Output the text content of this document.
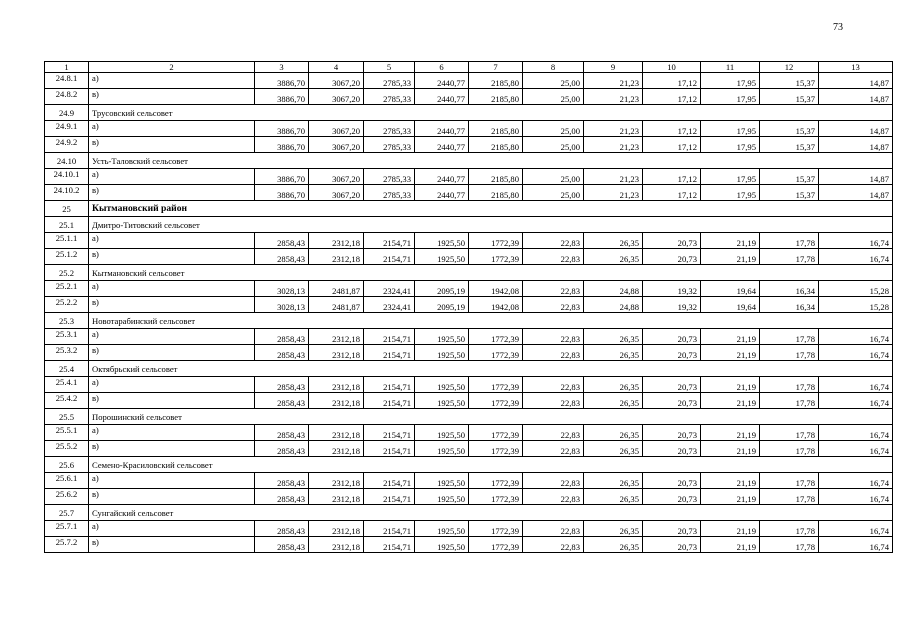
73
1	2	3	4	5	6	7	8	9	10	11	12	13
24.8.1	а)	3886,70	3067,20	2785,33	2440,77	2185,80	25,00	21,23	17,12	17,95	15,37	14,87
24.8.2	в)	3886,70	3067,20	2785,33	2440,77	2185,80	25,00	21,23	17,12	17,95	15,37	14,87
24.9	Трусовский сельсовет											
24.9.1	а)	3886,70	3067,20	2785,33	2440,77	2185,80	25,00	21,23	17,12	17,95	15,37	14,87
24.9.2	в)	3886,70	3067,20	2785,33	2440,77	2185,80	25,00	21,23	17,12	17,95	15,37	14,87
24.10	Усть-Таловский сельсовет											
24.10.1	а)	3886,70	3067,20	2785,33	2440,77	2185,80	25,00	21,23	17,12	17,95	15,37	14,87
24.10.2	в)	3886,70	3067,20	2785,33	2440,77	2185,80	25,00	21,23	17,12	17,95	15,37	14,87
25	Кытмановский район											
25.1	Дмитро-Титовский сельсовет											
25.1.1	а)	2858,43	2312,18	2154,71	1925,50	1772,39	22,83	26,35	20,73	21,19	17,78	16,74
25.1.2	в)	2858,43	2312,18	2154,71	1925,50	1772,39	22,83	26,35	20,73	21,19	17,78	16,74
25.2	Кытмановский сельсовет											
25.2.1	а)	3028,13	2481,87	2324,41	2095,19	1942,08	22,83	24,88	19,32	19,64	16,34	15,28
25.2.2	в)	3028,13	2481,87	2324,41	2095,19	1942,08	22,83	24,88	19,32	19,64	16,34	15,28
25.3	Новотарабинский сельсовет											
25.3.1	а)	2858,43	2312,18	2154,71	1925,50	1772,39	22,83	26,35	20,73	21,19	17,78	16,74
25.3.2	в)	2858,43	2312,18	2154,71	1925,50	1772,39	22,83	26,35	20,73	21,19	17,78	16,74
25.4	Октябрьский сельсовет											
25.4.1	а)	2858,43	2312,18	2154,71	1925,50	1772,39	22,83	26,35	20,73	21,19	17,78	16,74
25.4.2	в)	2858,43	2312,18	2154,71	1925,50	1772,39	22,83	26,35	20,73	21,19	17,78	16,74
25.5	Порошинский сельсовет											
25.5.1	а)	2858,43	2312,18	2154,71	1925,50	1772,39	22,83	26,35	20,73	21,19	17,78	16,74
25.5.2	в)	2858,43	2312,18	2154,71	1925,50	1772,39	22,83	26,35	20,73	21,19	17,78	16,74
25.6	Семено-Красиловский сельсовет											
25.6.1	а)	2858,43	2312,18	2154,71	1925,50	1772,39	22,83	26,35	20,73	21,19	17,78	16,74
25.6.2	в)	2858,43	2312,18	2154,71	1925,50	1772,39	22,83	26,35	20,73	21,19	17,78	16,74
25.7	Сунгайский сельсовет											
25.7.1	а)	2858,43	2312,18	2154,71	1925,50	1772,39	22,83	26,35	20,73	21,19	17,78	16,74
25.7.2	в)	2858,43	2312,18	2154,71	1925,50	1772,39	22,83	26,35	20,73	21,19	17,78	16,74
